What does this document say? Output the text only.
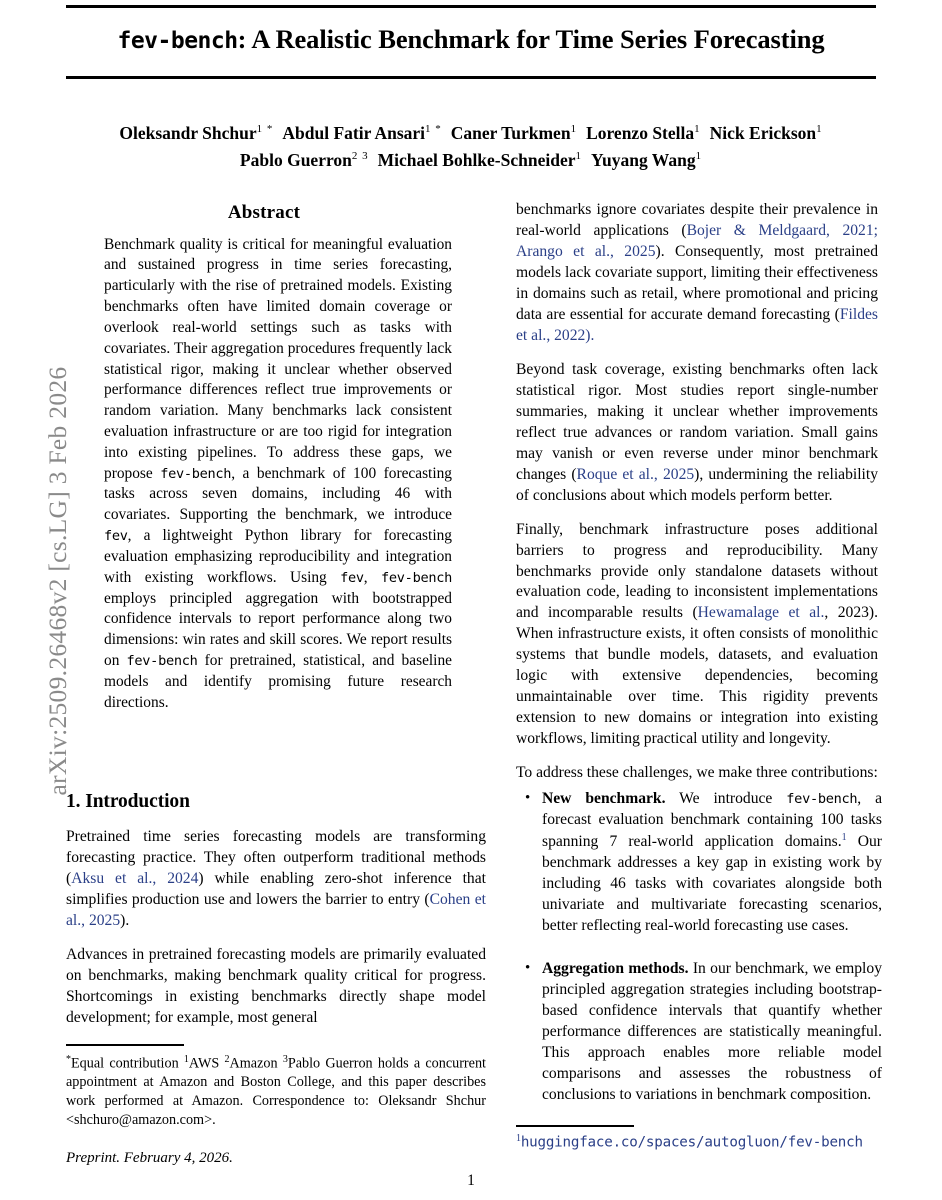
arXiv:2509.26468v2 [cs.LG] 3 Feb 2026
fev-bench: A Realistic Benchmark for Time Series Forecasting
Oleksandr Shchur$^{1 *}$ Abdul Fatir Ansari$^{1 *}$ Caner Turkmen$^1$ Lorenzo Stella$^1$ Nick Erickson$^1$
Pablo Guerron$^{2 3}$ Michael Bohlke-Schneider$^1$ Yuyang Wang$^1$
Abstract
Benchmark quality is critical for meaningful evaluation and sustained progress in time series forecasting, particularly with the rise of pretrained models. Existing benchmarks often have limited domain coverage or overlook real-world settings such as tasks with covariates. Their aggregation procedures frequently lack statistical rigor, making it unclear whether observed performance differences reflect true improvements or random variation. Many benchmarks lack consistent evaluation infrastructure or are too rigid for integration into existing pipelines. To address these gaps, we propose fev-bench, a benchmark of 100 forecasting tasks across seven domains, including 46 with covariates. Supporting the benchmark, we introduce fev, a lightweight Python library for forecasting evaluation emphasizing reproducibility and integration with existing workflows. Using fev, fev-bench employs principled aggregation with bootstrapped confidence intervals to report performance along two dimensions: win rates and skill scores. We report results on fev-bench for pretrained, statistical, and baseline models and identify promising future research directions.
1. Introduction

Pretrained time series forecasting models are transforming forecasting practice. They often outperform traditional methods (Aksu et al., 2024) while enabling zero-shot inference that simplifies production use and lowers the barrier to entry (Cohen et al., 2025).

Advances in pretrained forecasting models are primarily evaluated on benchmarks, making benchmark quality critical for progress. Shortcomings in existing benchmarks directly shape model development; for example, most general

*Equal contribution $^1$AWS $^2$Amazon $^3$Pablo Guerron holds a concurrent appointment at Amazon and Boston College, and this paper describes work performed at Amazon. Correspondence to: Oleksandr Shchur <shchuro@amazon.com>.

Preprint. February 4, 2026.

benchmarks ignore covariates despite their prevalence in real-world applications (Bojer & Meldgaard, 2021; Arango et al., 2025). Consequently, most pretrained models lack covariate support, limiting their effectiveness in domains such as retail, where promotional and pricing data are essential for accurate demand forecasting (Fildes et al., 2022).

Beyond task coverage, existing benchmarks often lack statistical rigor. Most studies report single-number summaries, making it unclear whether improvements reflect true advances or random variation. Small gains may vanish or even reverse under minor benchmark changes (Roque et al., 2025), undermining the reliability of conclusions about which models perform better.

Finally, benchmark infrastructure poses additional barriers to progress and reproducibility. Many benchmarks provide only standalone datasets without evaluation code, leading to inconsistent implementations and incomparable results (Hewamalage et al., 2023). When infrastructure exists, it often consists of monolithic systems that bundle models, datasets, and evaluation logic with extensive dependencies, becoming unmaintainable over time. This rigidity prevents extension to new domains or integration into existing workflows, limiting practical utility and longevity.

To address these challenges, we make three contributions:

• New benchmark. We introduce fev-bench, a forecast evaluation benchmark containing 100 tasks spanning 7 real-world application domains.$^1$ Our benchmark addresses a key gap in existing work by including 46 tasks with covariates alongside both univariate and multivariate forecasting scenarios, better reflecting real-world forecasting use cases.
• Aggregation methods. In our benchmark, we employ principled aggregation strategies including bootstrap-based confidence intervals that quantify whether performance differences are statistically meaningful. This approach enables more reliable model comparisons and assesses the robustness of conclusions to variations in benchmark composition.

$^1$huggingface.co/spaces/autogluon/fev-bench

1
